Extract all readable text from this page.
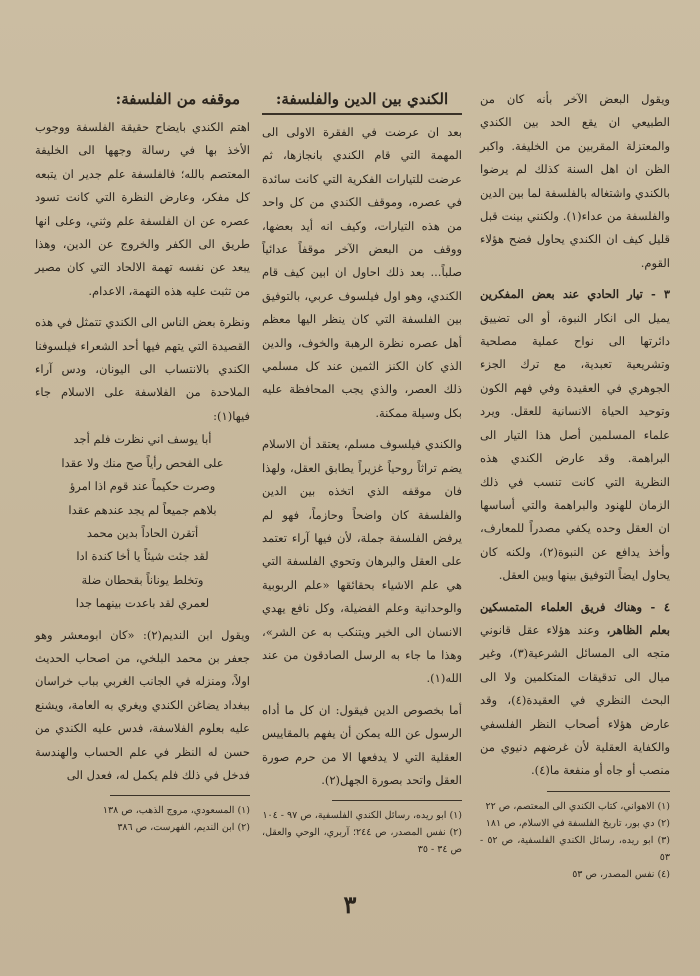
ويقول البعض الآخر بأنه كان من الطبيعي ان يقع الحد بين الكندي والمعتزلة المقربين من الخليفة. واكبر الظن ان اهل السنة كذلك لم يرضوا بالكندي واشتغاله بالفلسفة لما بين الدين والفلسفة من عداء(١). ولكنني بينت قبل قليل كيف ان الكندي يحاول فضح هؤلاء القوم.

٣ - تيار الحادي عند بعض المفكرين يميل الى انكار النبوة، أو الى تضييق دائرتها الى نواح عملية مصلحية وتشريعية تعبدية، مع ترك الجزء الجوهري في العقيدة وفي فهم الكون وتوحيد الحياة الانسانية للعقل. ويرد علماء المسلمين أصل هذا التيار الى البراهمة. وقد عارض الكندي هذه النظرية التي كانت تنسب في ذلك الزمان للهنود والبراهمة والتي أساسها ان العقل وحده يكفي مصدراً للمعارف، وأخذ يدافع عن النبوة(٢)، ولكنه كان يحاول ايضاً التوفيق بينها وبين العقل.

٤ - وهناك فريق العلماء المتمسكين بعلم الظاهر، وعند هؤلاء عقل قانوني متجه الى المسائل الشرعية(٣)، وغير ميال الى تدقيقات المتكلمين ولا الى البحث النظري في العقيدة(٤)، وقد عارض هؤلاء أصحاب النظر الفلسفي والكفاية العقلية لأن غرضهم دنيوي من منصب أو جاه أو منفعة ما(٤).

(١) الاهواني، كتاب الكندي الى المعتصم، ص ٢٢
(٢) دي بور، تاريخ الفلسفة في الاسلام، ص ١٨١
(٣) ابو ريده، رسائل الكندي الفلسفية، ص ٥٢ - ٥٣
(٤) نفس المصدر، ص ٥٣
الكندي بين الدين والفلسفة:

بعد ان عرضت في الفقرة الاولى الى المهمة التي قام الكندي بانجازها، ثم عرضت للتيارات الفكرية التي كانت سائدة في عصره، وموقف الكندي من كل واحد من هذه التيارات، وكيف انه أيد بعضها، ووقف من البعض الآخر موقفاً عدائياً صلباً... بعد ذلك احاول ان ابين كيف قام الكندي، وهو اول فيلسوف عربي، بالتوفيق بين الفلسفة التي كان ينظر اليها معظم أهل عصره نظرة الرهبة والخوف، والدين الذي كان الكنز الثمين عند كل مسلمي ذلك العصر، والذي يجب المحافظة عليه بكل وسيلة ممكنة.

والكندي فيلسوف مسلم، يعتقد أن الاسلام يضم تراثاً روحياً غزيراً يطابق العقل، ولهذا فان موقفه الذي اتخذه بين الدين والفلسفة كان واضحاً وحازماً، فهو لم يرفض الفلسفة جملة، لأن فيها آراء تعتمد على العقل والبرهان وتحوي الفلسفة التي هي علم الاشياء بحقائقها «علم الربوبية والوحدانية وعلم الفضيلة، وكل نافع يهدي الانسان الى الخير ويتنكب به عن الشر»، وهذا ما جاء به الرسل الصادقون من عند الله(١).

أما بخصوص الدين فيقول: ان كل ما أداه الرسول عن الله يمكن أن يفهم بالمقاييس العقلية التي لا يدفعها الا من حرم صورة العقل واتحد بصورة الجهل(٢).

(١) ابو ريده، رسائل الكندي الفلسفية، ص ٩٧ - ١٠٤
(٢) نفس المصدر، ص ٢٤٤؛ آربري، الوحي والعقل، ص ٣٤ - ٣٥
موقفه من الفلسفة:

اهتم الكندي بايضاح حقيقة الفلسفة ووجوب الأخذ بها في رسالة وجهها الى الخليفة المعتصم بالله؛ فالفلسفة علم جدير ان يتبعه كل مفكر، وعارض النظرة التي كانت تسود عصره عن ان الفلسفة علم وثني، وعلى انها طريق الى الكفر والخروج عن الدين، وهذا يبعد عن نفسه تهمة الالحاد التي كان مصير من تثبت عليه هذه التهمة، الاعدام.

ونظرة بعض الناس الى الكندي تتمثل في هذه القصيدة التي يتهم فيها أحد الشعراء فيلسوفنا الكندي بالانتساب الى اليونان، ودس آراء الملاحدة من الفلاسفة على الاسلام جاء فيها(١):

أبا يوسف اني نظرت فلم أجد
على الفحص رأياً صح منك ولا عقدا
وصرت حكيماً عند قوم اذا امرؤ
بلاهم جميعاً لم يجد عندهم عقدا
أتقرن الحاداً بدين محمد
لقد جئت شيئاً يا أخا كندة ادا
وتخلط يوناناً بقحطان ضلة
لعمري لقد باعدت بينهما جدا

ويقول ابن النديم(٢): «كان ابومعشر وهو جعفر بن محمد البلخي، من اصحاب الحديث اولاً، ومنزله في الجانب الغربي بباب خراسان ببغداد يضاغن الكندي ويغري به العامة، ويشنع عليه بعلوم الفلاسفة، فدس عليه الكندي من حسن له النظر في علم الحساب والهندسة فدخل في ذلك فلم يكمل له، فعدل الى

(١) المسعودي، مروج الذهب، ص ١٣٨
(٢) ابن النديم، الفهرست، ص ٣٨٦
٣
